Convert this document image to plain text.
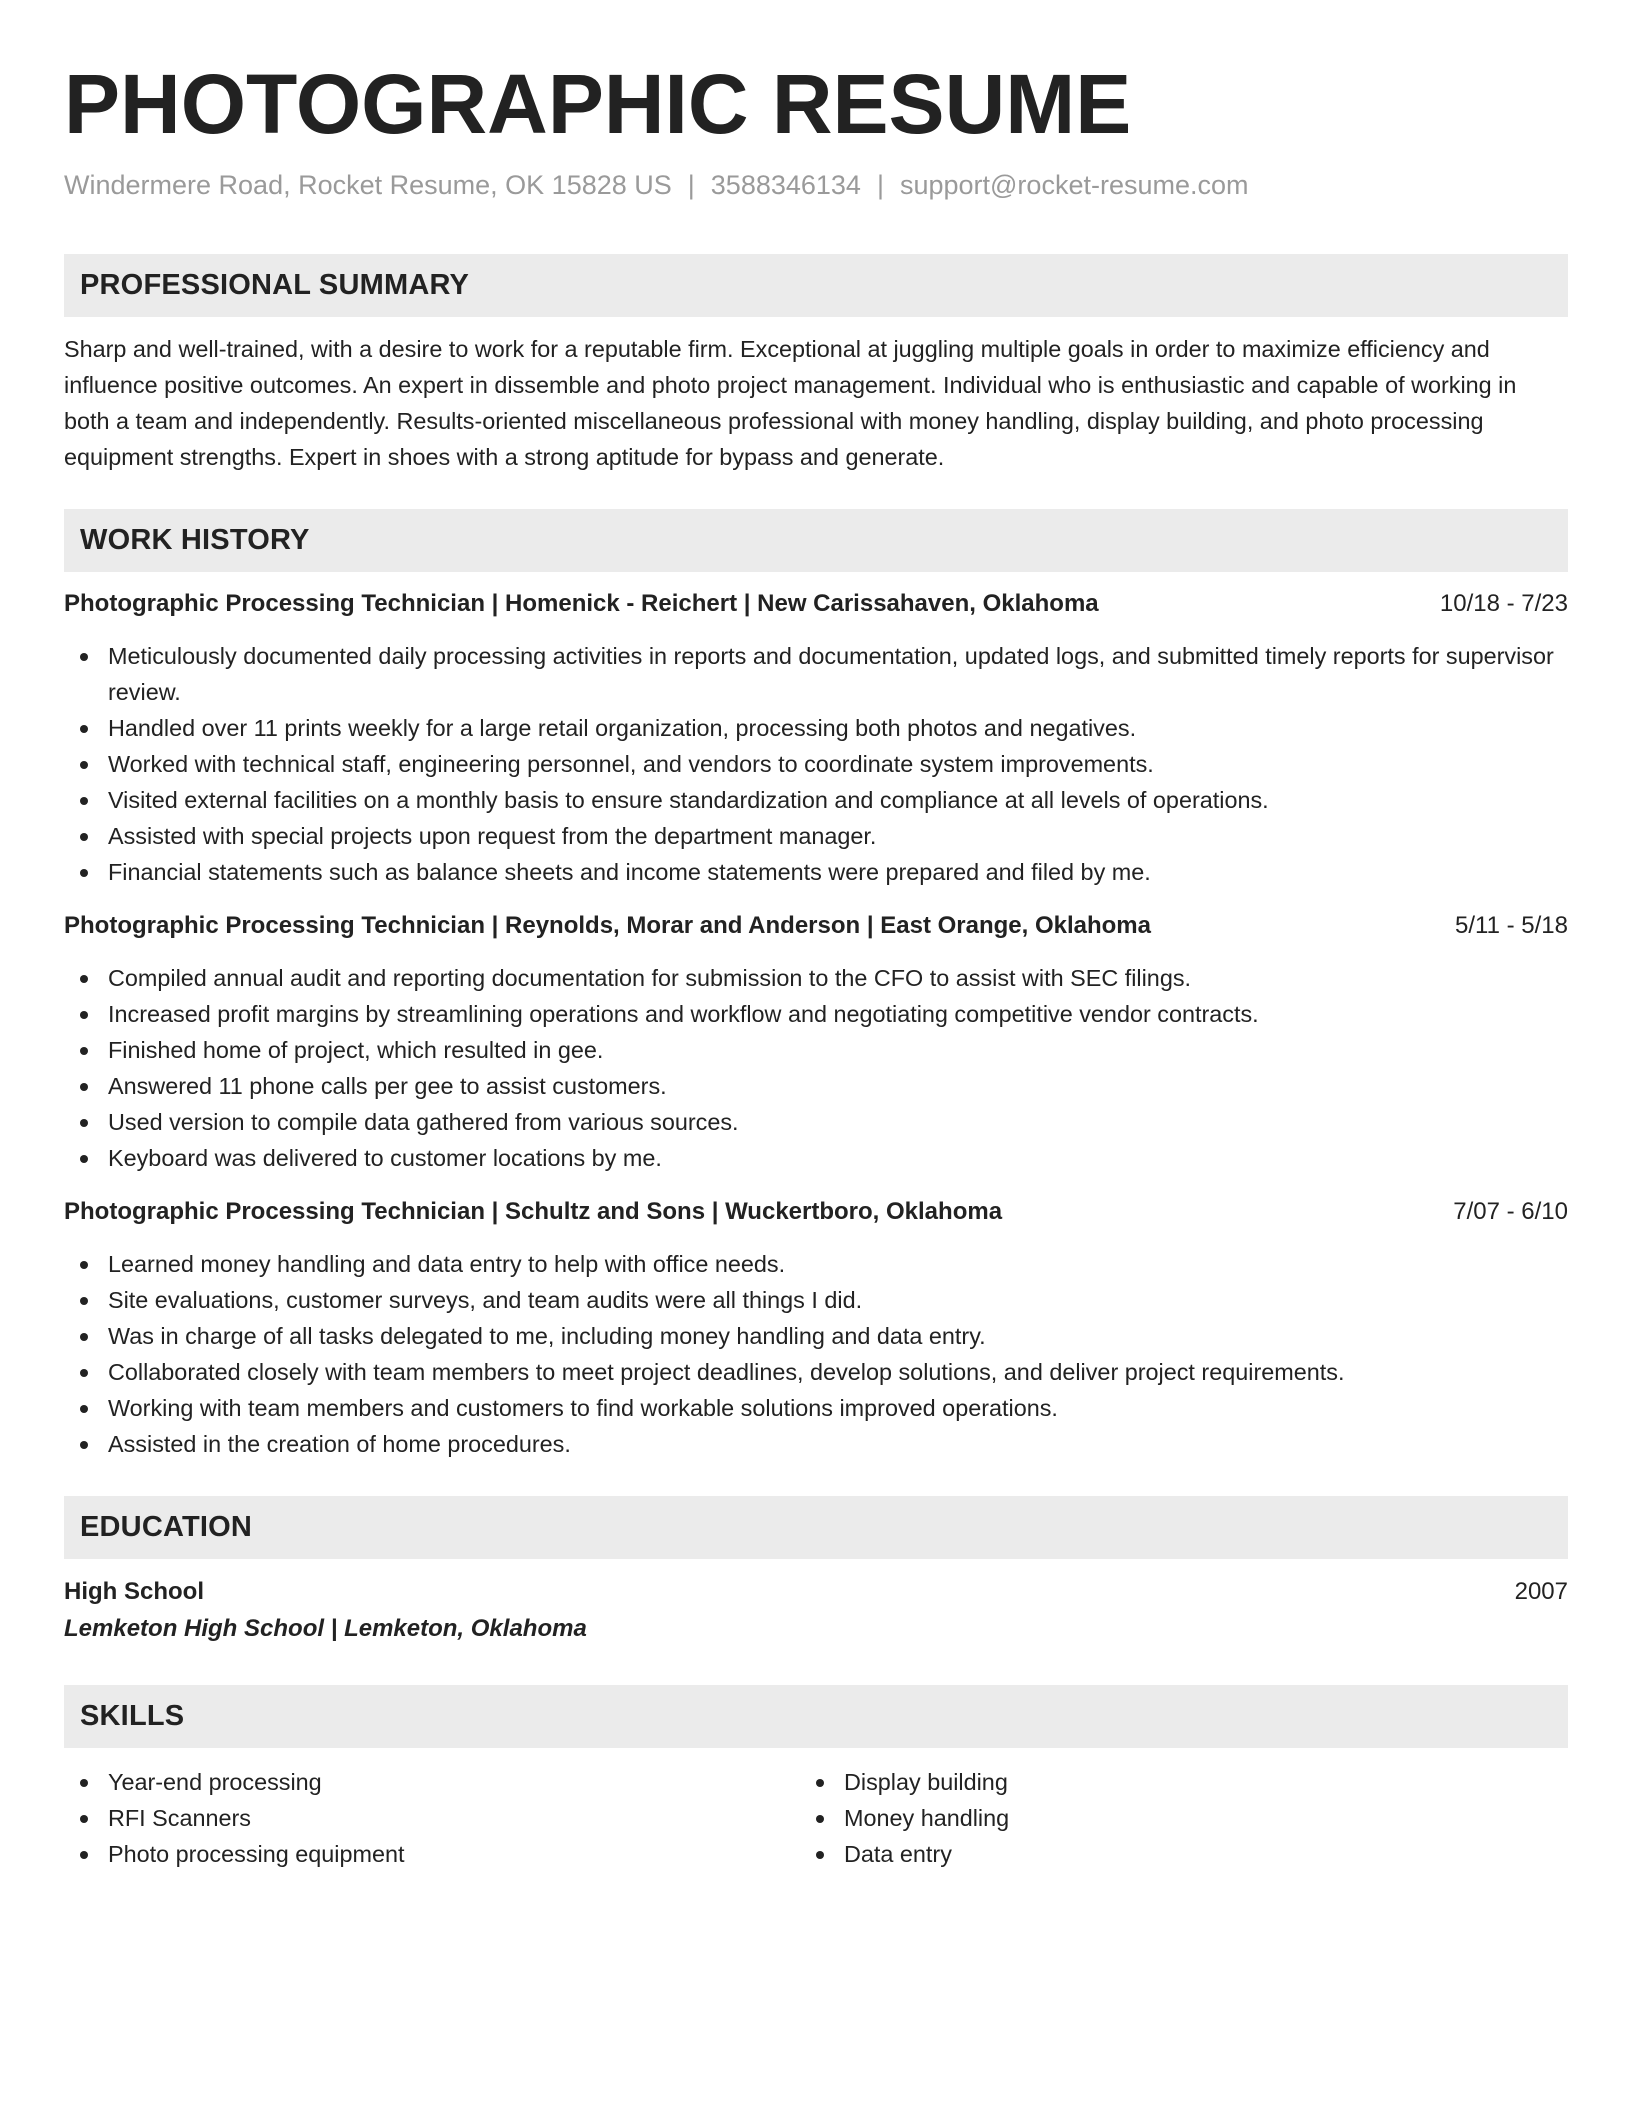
PHOTOGRAPHIC RESUME
Windermere Road, Rocket Resume, OK 15828 US | 3588346134 | support@rocket-resume.com
PROFESSIONAL SUMMARY

Sharp and well-trained, with a desire to work for a reputable firm. Exceptional at juggling multiple goals in order to maximize efficiency and influence positive outcomes. An expert in dissemble and photo project management. Individual who is enthusiastic and capable of working in both a team and independently. Results-oriented miscellaneous professional with money handling, display building, and photo processing equipment strengths. Expert in shoes with a strong aptitude for bypass and generate.

WORK HISTORY
Photographic Processing Technician | Homenick - Reichert | New Carissahaven, Oklahoma	10/18 - 7/23
Meticulously documented daily processing activities in reports and documentation, updated logs, and submitted timely reports for supervisor review.
Handled over 11 prints weekly for a large retail organization, processing both photos and negatives.
Worked with technical staff, engineering personnel, and vendors to coordinate system improvements.
Visited external facilities on a monthly basis to ensure standardization and compliance at all levels of operations.
Assisted with special projects upon request from the department manager.
Financial statements such as balance sheets and income statements were prepared and filed by me.
Photographic Processing Technician | Reynolds, Morar and Anderson | East Orange, Oklahoma	5/11 - 5/18
Compiled annual audit and reporting documentation for submission to the CFO to assist with SEC filings.
Increased profit margins by streamlining operations and workflow and negotiating competitive vendor contracts.
Finished home of project, which resulted in gee.
Answered 11 phone calls per gee to assist customers.
Used version to compile data gathered from various sources.
Keyboard was delivered to customer locations by me.
Photographic Processing Technician | Schultz and Sons | Wuckertboro, Oklahoma	7/07 - 6/10
Learned money handling and data entry to help with office needs.
Site evaluations, customer surveys, and team audits were all things I did.
Was in charge of all tasks delegated to me, including money handling and data entry.
Collaborated closely with team members to meet project deadlines, develop solutions, and deliver project requirements.
Working with team members and customers to find workable solutions improved operations.
Assisted in the creation of home procedures.
EDUCATION
High School	2007
Lemketon High School | Lemketon, Oklahoma
SKILLS
Year-end processing
RFI Scanners
Photo processing equipment
Display building
Money handling
Data entry
